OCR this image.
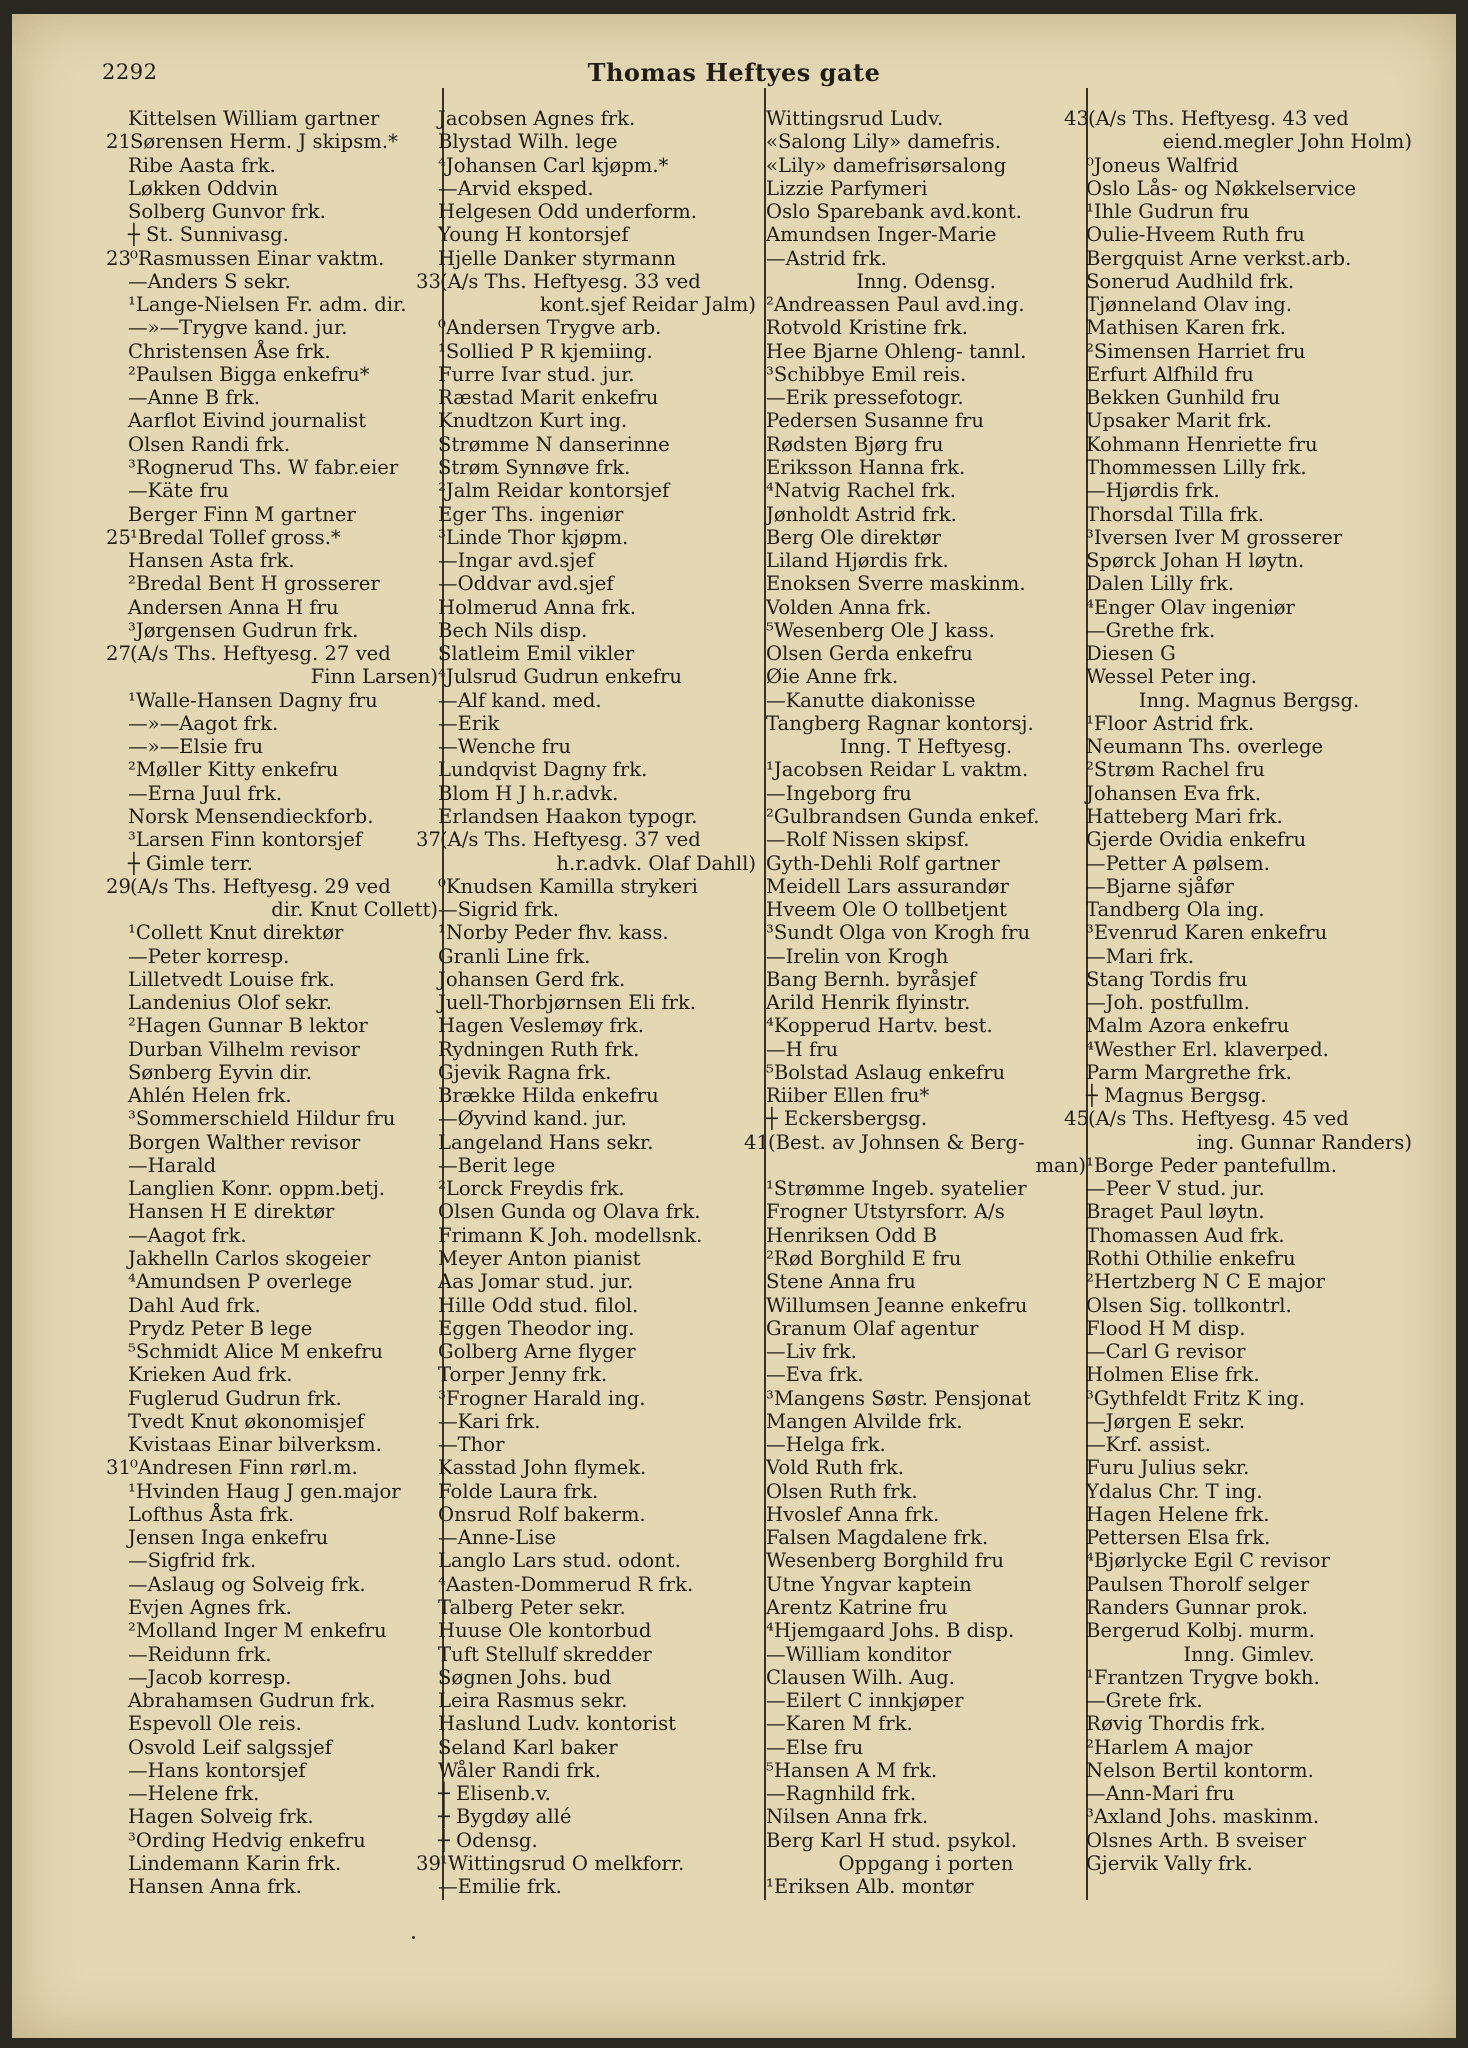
2292	Thomas Heftyes gate
Kittelsen William gartner
21 Sørensen Herm. J skipsm.*
Ribe Aasta frk.
Løkken Oddvin
Solberg Gunvor frk.
┼ St. Sunnivasg.
23 ⁰Rasmussen Einar vaktm.
—Anders S sekr.
¹Lange-Nielsen Fr. adm. dir.
—»—Trygve kand. jur.
Christensen Åse frk.
²Paulsen Bigga enkefru*
—Anne B frk.
Aarflot Eivind journalist
Olsen Randi frk.
³Rognerud Ths. W fabr.eier
—Käte fru
Berger Finn M gartner
25 ¹Bredal Tollef gross.*
Hansen Asta frk.
²Bredal Bent H grosserer
Andersen Anna H fru
³Jørgensen Gudrun frk.
27 (A/s Ths. Heftyesg. 27 ved
Finn Larsen)
¹Walle-Hansen Dagny fru
—»—Aagot frk.
—»—Elsie fru
²Møller Kitty enkefru
—Erna Juul frk.
Norsk Mensendieckforb.
³Larsen Finn kontorsjef
┼ Gimle terr.
29 (A/s Ths. Heftyesg. 29 ved
dir. Knut Collett)
¹Collett Knut direktør
—Peter korresp.
Lilletvedt Louise frk.
Landenius Olof sekr.
²Hagen Gunnar B lektor
Durban Vilhelm revisor
Sønberg Eyvin dir.
Ahlén Helen frk.
³Sommerschield Hildur fru
Borgen Walther revisor
—Harald
Langlien Konr. oppm.betj.
Hansen H E direktør
—Aagot frk.
Jakhelln Carlos skogeier
⁴Amundsen P overlege
Dahl Aud frk.
Prydz Peter B lege
⁵Schmidt Alice M enkefru
Krieken Aud frk.
Fuglerud Gudrun frk.
Tvedt Knut økonomisjef
Kvistaas Einar bilverksm.
31 ⁰Andresen Finn rørl.m.
¹Hvinden Haug J gen.major
Lofthus Åsta frk.
Jensen Inga enkefru
—Sigfrid frk.
—Aslaug og Solveig frk.
Evjen Agnes frk.
²Molland Inger M enkefru
—Reidunn frk.
—Jacob korresp.
Abrahamsen Gudrun frk.
Espevoll Ole reis.
Osvold Leif salgssjef
—Hans kontorsjef
—Helene frk.
Hagen Solveig frk.
³Ording Hedvig enkefru
Lindemann Karin frk.
Hansen Anna frk.
Jacobsen Agnes frk.
Blystad Wilh. lege
⁴Johansen Carl kjøpm.*
—Arvid eksped.
Helgesen Odd underform.
Young H kontorsjef
Hjelle Danker styrmann
33 (A/s Ths. Heftyesg. 33 ved
kont.sjef Reidar Jalm)
⁰Andersen Trygve arb.
¹Sollied P R kjemiing.
Furre Ivar stud. jur.
Ræstad Marit enkefru
Knudtzon Kurt ing.
Strømme N danserinne
Strøm Synnøve frk.
²Jalm Reidar kontorsjef
Eger Ths. ingeniør
³Linde Thor kjøpm.
—Ingar avd.sjef
—Oddvar avd.sjef
Holmerud Anna frk.
Bech Nils disp.
Slatleim Emil vikler
⁴Julsrud Gudrun enkefru
—Alf kand. med.
—Erik
—Wenche fru
Lundqvist Dagny frk.
Blom H J h.r.advk.
Erlandsen Haakon typogr.
37 (A/s Ths. Heftyesg. 37 ved
h.r.advk. Olaf Dahll)
⁰Knudsen Kamilla strykeri
—Sigrid frk.
¹Norby Peder fhv. kass.
Granli Line frk.
Johansen Gerd frk.
Juell-Thorbjørnsen Eli frk.
Hagen Veslemøy frk.
Rydningen Ruth frk.
Gjevik Ragna frk.
Brække Hilda enkefru
—Øyvind kand. jur.
Langeland Hans sekr.
—Berit lege
²Lorck Freydis frk.
Olsen Gunda og Olava frk.
Frimann K Joh. modellsnk.
Meyer Anton pianist
Aas Jomar stud. jur.
Hille Odd stud. filol.
Eggen Theodor ing.
Golberg Arne flyger
Torper Jenny frk.
³Frogner Harald ing.
—Kari frk.
—Thor
Kasstad John flymek.
Folde Laura frk.
Onsrud Rolf bakerm.
—Anne-Lise
Langlo Lars stud. odont.
⁴Aasten-Dommerud R frk.
Talberg Peter sekr.
Huuse Ole kontorbud
Tuft Stellulf skredder
Søgnen Johs. bud
Leira Rasmus sekr.
Haslund Ludv. kontorist
Seland Karl baker
Wåler Randi frk.
┼ Elisenb.v.
┼ Bygdøy allé
┼ Odensg.
39 ¹Wittingsrud O melkforr.
—Emilie frk.
Wittingsrud Ludv.
«Salong Lily» damefris.
«Lily» damefrisørsalong
Lizzie Parfymeri
Oslo Sparebank avd.kont.
Amundsen Inger-Marie
—Astrid frk.
Inng. Odensg.
²Andreassen Paul avd.ing.
Rotvold Kristine frk.
Hee Bjarne Ohleng- tannl.
³Schibbye Emil reis.
—Erik pressefotogr.
Pedersen Susanne fru
Rødsten Bjørg fru
Eriksson Hanna frk.
⁴Natvig Rachel frk.
Jønholdt Astrid frk.
Berg Ole direktør
Liland Hjørdis frk.
Enoksen Sverre maskinm.
Volden Anna frk.
⁵Wesenberg Ole J kass.
Olsen Gerda enkefru
Øie Anne frk.
—Kanutte diakonisse
Tangberg Ragnar kontorsj.
Inng. T Heftyesg.
¹Jacobsen Reidar L vaktm.
—Ingeborg fru
²Gulbrandsen Gunda enkef.
—Rolf Nissen skipsf.
Gyth-Dehli Rolf gartner
Meidell Lars assurandør
Hveem Ole O tollbetjent
³Sundt Olga von Krogh fru
—Irelin von Krogh
Bang Bernh. byråsjef
Arild Henrik flyinstr.
⁴Kopperud Hartv. best.
—H fru
⁵Bolstad Aslaug enkefru
Riiber Ellen fru*
┼ Eckersbergsg.
41 (Best. av Johnsen & Berg-
man)
¹Strømme Ingeb. syatelier
Frogner Utstyrsforr. A/s
Henriksen Odd B
²Rød Borghild E fru
Stene Anna fru
Willumsen Jeanne enkefru
Granum Olaf agentur
—Liv frk.
—Eva frk.
³Mangens Søstr. Pensjonat
Mangen Alvilde frk.
—Helga frk.
Vold Ruth frk.
Olsen Ruth frk.
Hvoslef Anna frk.
Falsen Magdalene frk.
Wesenberg Borghild fru
Utne Yngvar kaptein
Arentz Katrine fru
⁴Hjemgaard Johs. B disp.
—William konditor
Clausen Wilh. Aug.
—Eilert C innkjøper
—Karen M frk.
—Else fru
⁵Hansen A M frk.
—Ragnhild frk.
Nilsen Anna frk.
Berg Karl H stud. psykol.
Oppgang i porten
¹Eriksen Alb. montør
43 (A/s Ths. Heftyesg. 43 ved
eiend.megler John Holm)
⁰Joneus Walfrid
Oslo Lås- og Nøkkelservice
¹Ihle Gudrun fru
Oulie-Hveem Ruth fru
Bergquist Arne verkst.arb.
Sonerud Audhild frk.
Tjønneland Olav ing.
Mathisen Karen frk.
²Simensen Harriet fru
Erfurt Alfhild fru
Bekken Gunhild fru
Upsaker Marit frk.
Kohmann Henriette fru
Thommessen Lilly frk.
—Hjørdis frk.
Thorsdal Tilla frk.
³Iversen Iver M grosserer
Spørck Johan H løytn.
Dalen Lilly frk.
⁴Enger Olav ingeniør
—Grethe frk.
Diesen G
Wessel Peter ing.
Inng. Magnus Bergsg.
¹Floor Astrid frk.
Neumann Ths. overlege
²Strøm Rachel fru
Johansen Eva frk.
Hatteberg Mari frk.
Gjerde Ovidia enkefru
—Petter A pølsem.
—Bjarne sjåfør
Tandberg Ola ing.
³Evenrud Karen enkefru
—Mari frk.
Stang Tordis fru
—Joh. postfullm.
Malm Azora enkefru
⁴Westher Erl. klaverped.
Parm Margrethe frk.
┼ Magnus Bergsg.
45 (A/s Ths. Heftyesg. 45 ved
ing. Gunnar Randers)
¹Borge Peder pantefullm.
—Peer V stud. jur.
Braget Paul løytn.
Thomassen Aud frk.
Rothi Othilie enkefru
²Hertzberg N C E major
Olsen Sig. tollkontrl.
Flood H M disp.
—Carl G revisor
Holmen Elise frk.
³Gythfeldt Fritz K ing.
—Jørgen E sekr.
—Krf. assist.
Furu Julius sekr.
Ydalus Chr. T ing.
Hagen Helene frk.
Pettersen Elsa frk.
⁴Bjørlycke Egil C revisor
Paulsen Thorolf selger
Randers Gunnar prok.
Bergerud Kolbj. murm.
Inng. Gimlev.
¹Frantzen Trygve bokh.
—Grete frk.
Røvig Thordis frk.
²Harlem A major
Nelson Bertil kontorm.
—Ann-Mari fru
³Axland Johs. maskinm.
Olsnes Arth. B sveiser
Gjervik Vally frk.
